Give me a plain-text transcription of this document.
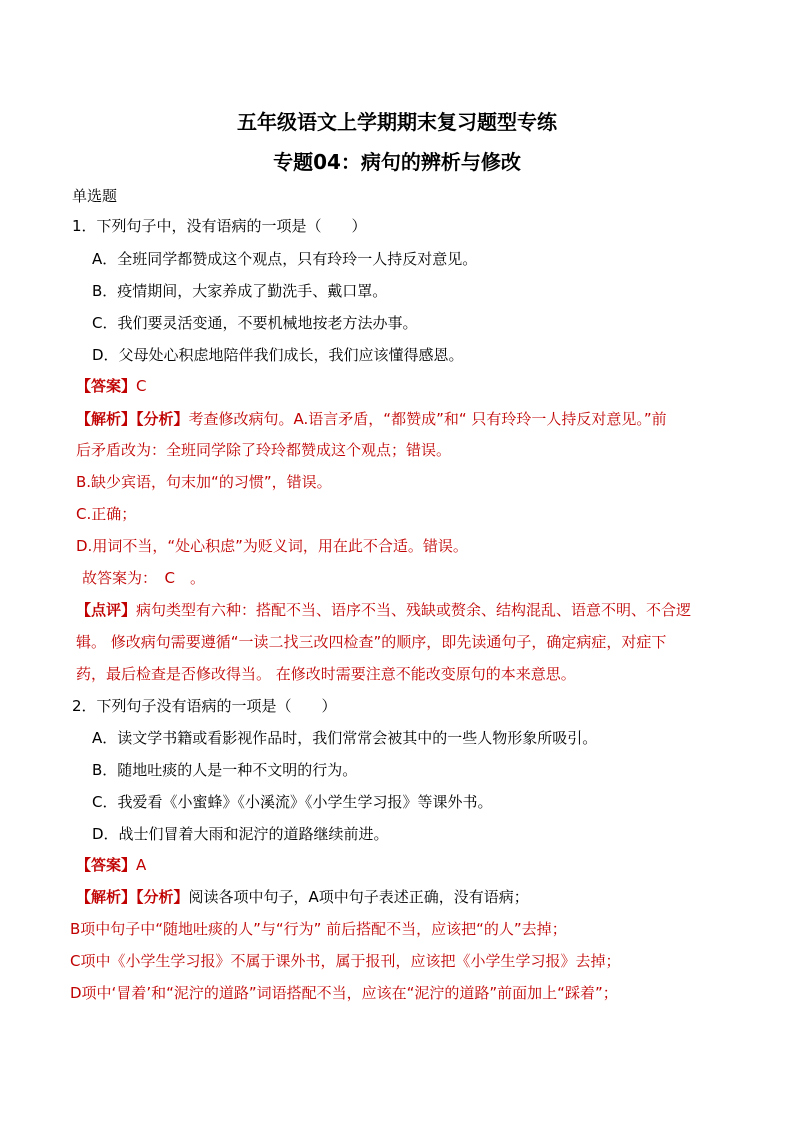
五年级语文上学期期末复习题型专练
专题04：病句的辨析与修改
单选题
1．下列句子中，没有语病的一项是（　　）
A．全班同学都赞成这个观点，只有玲玲一人持反对意见。
B．疫情期间，大家养成了勤洗手、戴口罩。
C．我们要灵活变通，不要机械地按老方法办事。
D．父母处心积虑地陪伴我们成长，我们应该懂得感恩。
【答案】C
【解析】【分析】考查修改病句。A.语言矛盾，“都赞成”和“ 只有玲玲一人持反对意见。”前
后矛盾改为：全班同学除了玲玲都赞成这个观点；错误。
B.缺少宾语，句末加“的习惯”，错误。
C.正确；
D.用词不当，“处心积虑”为贬义词，用在此不合适。错误。
故答案为：　C　。
【点评】病句类型有六种：搭配不当、语序不当、残缺或赘余、结构混乱、语意不明、不合逻
辑。 修改病句需要遵循“一读二找三改四检查”的顺序，即先读通句子，确定病症，对症下
药，最后检查是否修改得当。 在修改时需要注意不能改变原句的本来意思。
2．下列句子没有语病的一项是（　　）
A．读文学书籍或看影视作品时，我们常常会被其中的一些人物形象所吸引。
B．随地吐痰的人是一种不文明的行为。
C．我爱看《小蜜蜂》《小溪流》《小学生学习报》等课外书。
D．战士们冒着大雨和泥泞的道路继续前进。
【答案】A
【解析】【分析】阅读各项中句子，A项中句子表述正确，没有语病；
B项中句子中“随地吐痰的人”与“行为” 前后搭配不当，应该把“的人”去掉；
C项中《小学生学习报》不属于课外书，属于报刊，应该把《小学生学习报》去掉；
D项中‘冒着’和“泥泞的道路”词语搭配不当，应该在“泥泞的道路”前面加上“踩着”；
